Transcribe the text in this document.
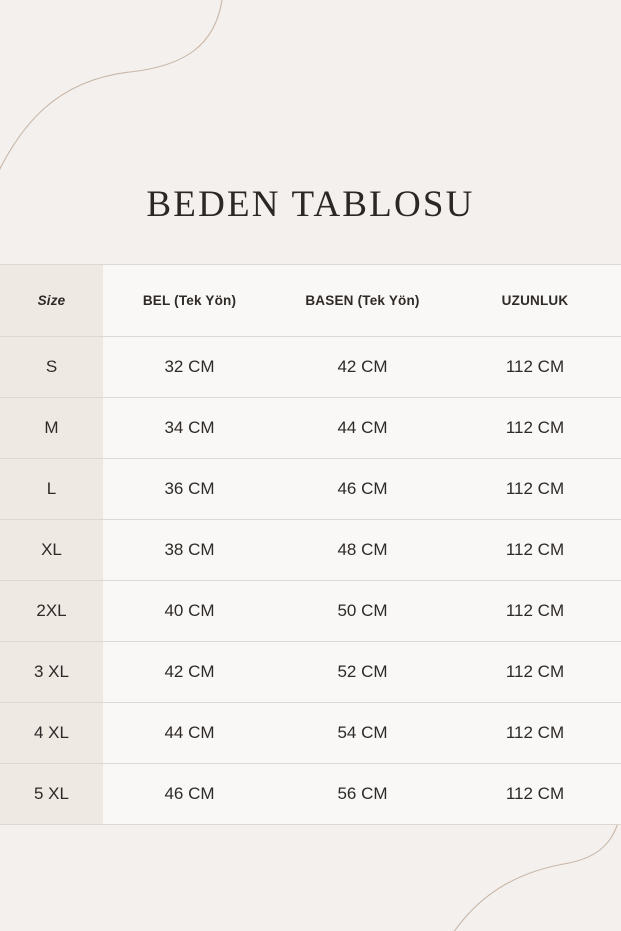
BEDEN TABLOSU
Size	BEL (Tek Yön)	BASEN (Tek Yön)	UZUNLUK
S	32 CM	42 CM	112 CM
M	34 CM	44 CM	112 CM
L	36 CM	46 CM	112 CM
XL	38 CM	48 CM	112 CM
2XL	40 CM	50 CM	112 CM
3 XL	42 CM	52 CM	112 CM
4 XL	44 CM	54 CM	112 CM
5 XL	46 CM	56 CM	112 CM
